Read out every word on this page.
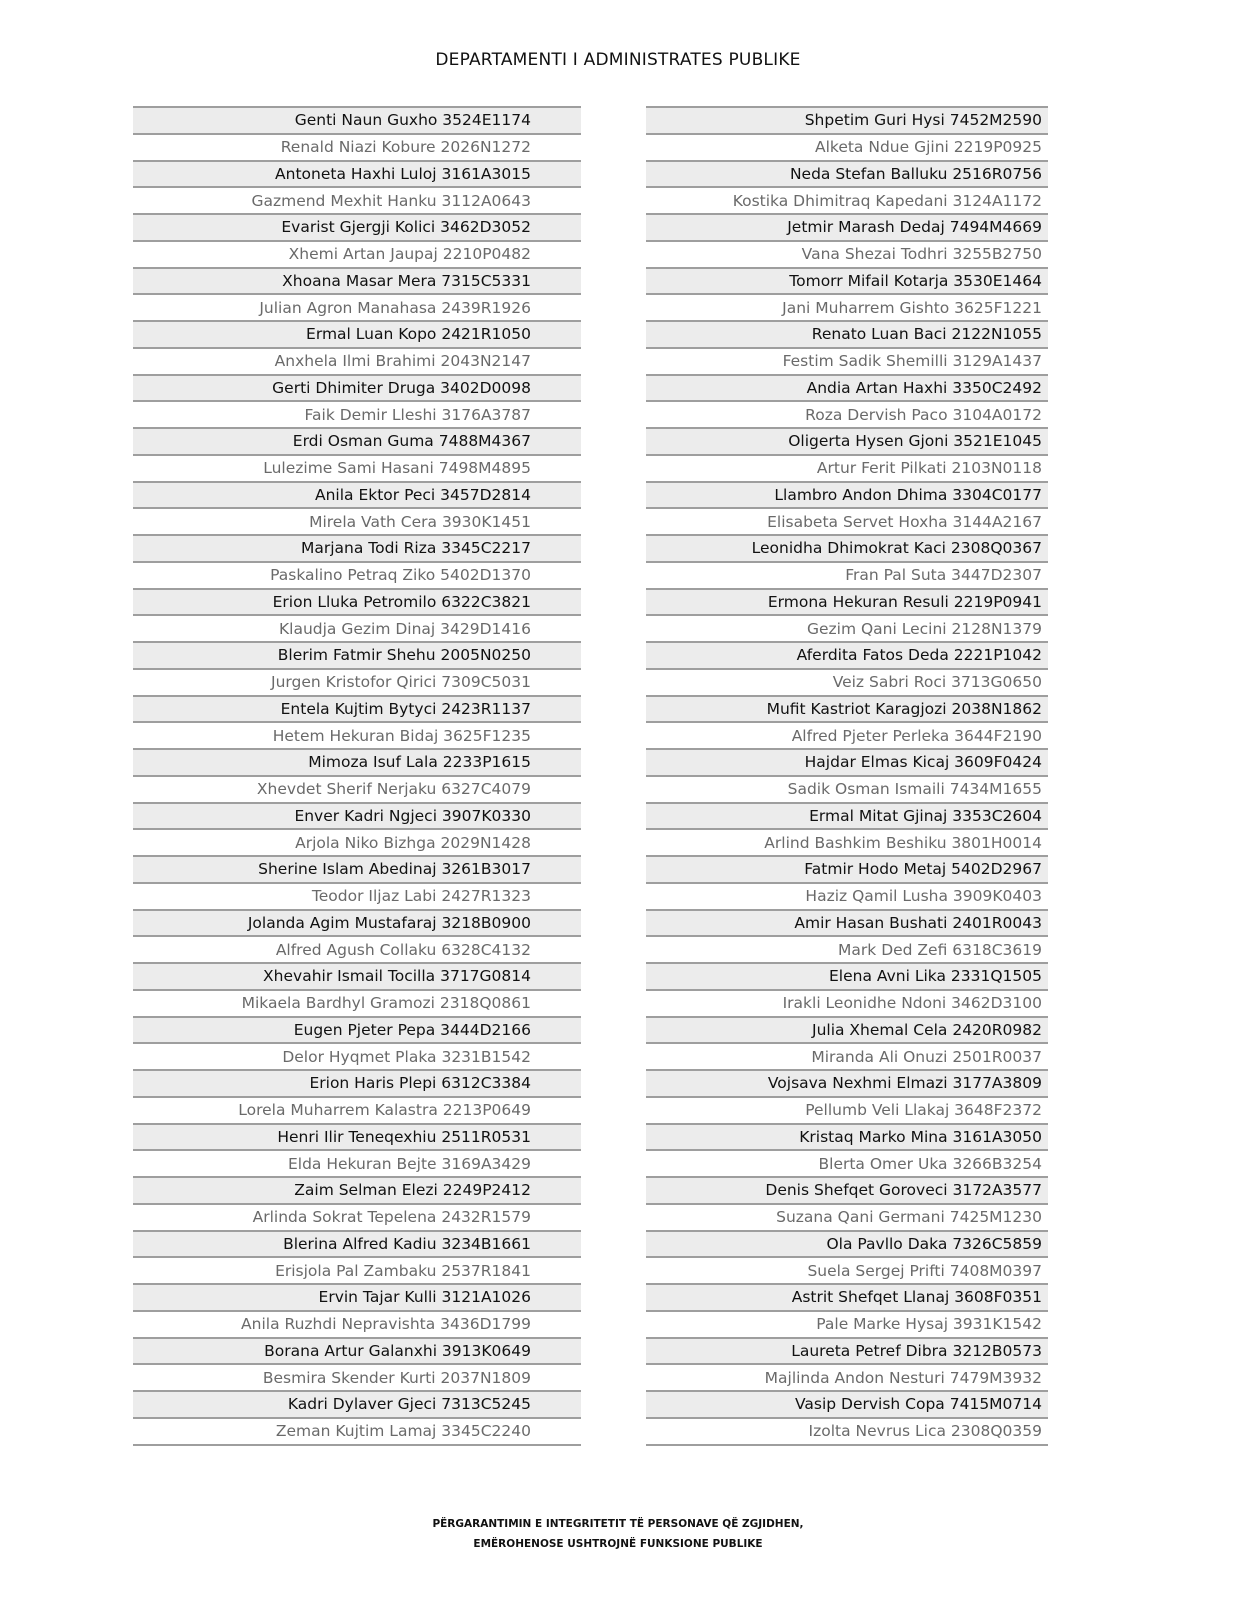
DEPARTAMENTI I ADMINISTRATES PUBLIKE
Genti Naun Guxho 3524E1174
Renald Niazi Kobure 2026N1272
Antoneta Haxhi Luloj 3161A3015
Gazmend Mexhit Hanku 3112A0643
Evarist Gjergji Kolici 3462D3052
Xhemi Artan Jaupaj 2210P0482
Xhoana Masar Mera 7315C5331
Julian Agron Manahasa 2439R1926
Ermal Luan Kopo 2421R1050
Anxhela Ilmi Brahimi 2043N2147
Gerti Dhimiter Druga 3402D0098
Faik Demir Lleshi 3176A3787
Erdi Osman Guma 7488M4367
Lulezime Sami Hasani 7498M4895
Anila Ektor Peci 3457D2814
Mirela Vath Cera 3930K1451
Marjana Todi Riza 3345C2217
Paskalino Petraq Ziko 5402D1370
Erion Lluka Petromilo 6322C3821
Klaudja Gezim Dinaj 3429D1416
Blerim Fatmir Shehu 2005N0250
Jurgen Kristofor Qirici 7309C5031
Entela Kujtim Bytyci 2423R1137
Hetem Hekuran Bidaj 3625F1235
Mimoza Isuf Lala 2233P1615
Xhevdet Sherif Nerjaku 6327C4079
Enver Kadri Ngjeci 3907K0330
Arjola Niko Bizhga 2029N1428
Sherine Islam Abedinaj 3261B3017
Teodor Iljaz Labi 2427R1323
Jolanda Agim Mustafaraj 3218B0900
Alfred Agush Collaku 6328C4132
Xhevahir Ismail Tocilla 3717G0814
Mikaela Bardhyl Gramozi 2318Q0861
Eugen Pjeter Pepa 3444D2166
Delor Hyqmet Plaka 3231B1542
Erion Haris Plepi 6312C3384
Lorela Muharrem Kalastra 2213P0649
Henri Ilir Teneqexhiu 2511R0531
Elda Hekuran Bejte 3169A3429
Zaim Selman Elezi 2249P2412
Arlinda Sokrat Tepelena 2432R1579
Blerina Alfred Kadiu 3234B1661
Erisjola Pal Zambaku 2537R1841
Ervin Tajar Kulli 3121A1026
Anila Ruzhdi Nepravishta 3436D1799
Borana Artur Galanxhi 3913K0649
Besmira Skender Kurti 2037N1809
Kadri Dylaver Gjeci 7313C5245
Zeman Kujtim Lamaj 3345C2240
Shpetim Guri Hysi 7452M2590
Alketa Ndue Gjini 2219P0925
Neda Stefan Balluku 2516R0756
Kostika Dhimitraq Kapedani 3124A1172
Jetmir Marash Dedaj 7494M4669
Vana Shezai Todhri 3255B2750
Tomorr Mifail Kotarja 3530E1464
Jani Muharrem Gishto 3625F1221
Renato Luan Baci 2122N1055
Festim Sadik Shemilli 3129A1437
Andia Artan Haxhi 3350C2492
Roza Dervish Paco 3104A0172
Oligerta Hysen Gjoni 3521E1045
Artur Ferit Pilkati 2103N0118
Llambro Andon Dhima 3304C0177
Elisabeta Servet Hoxha 3144A2167
Leonidha Dhimokrat Kaci 2308Q0367
Fran Pal Suta 3447D2307
Ermona Hekuran Resuli 2219P0941
Gezim Qani Lecini 2128N1379
Aferdita Fatos Deda 2221P1042
Veiz Sabri Roci 3713G0650
Mufit Kastriot Karagjozi 2038N1862
Alfred Pjeter Perleka 3644F2190
Hajdar Elmas Kicaj 3609F0424
Sadik Osman Ismaili 7434M1655
Ermal Mitat Gjinaj 3353C2604
Arlind Bashkim Beshiku 3801H0014
Fatmir Hodo Metaj 5402D2967
Haziz Qamil Lusha 3909K0403
Amir Hasan Bushati 2401R0043
Mark Ded Zefi 6318C3619
Elena Avni Lika 2331Q1505
Irakli Leonidhe Ndoni 3462D3100
Julia Xhemal Cela 2420R0982
Miranda Ali Onuzi 2501R0037
Vojsava Nexhmi Elmazi 3177A3809
Pellumb Veli Llakaj 3648F2372
Kristaq Marko Mina 3161A3050
Blerta Omer Uka 3266B3254
Denis Shefqet Goroveci 3172A3577
Suzana Qani Germani 7425M1230
Ola Pavllo Daka 7326C5859
Suela Sergej Prifti 7408M0397
Astrit Shefqet Llanaj 3608F0351
Pale Marke Hysaj 3931K1542
Laureta Petref Dibra 3212B0573
Majlinda Andon Nesturi 7479M3932
Vasip Dervish Copa 7415M0714
Izolta Nevrus Lica 2308Q0359
PËRGARANTIMIN E INTEGRITETIT TË PERSONAVE QË ZGJIDHEN,
EMËROHENOSE USHTROJNË FUNKSIONE PUBLIKE
